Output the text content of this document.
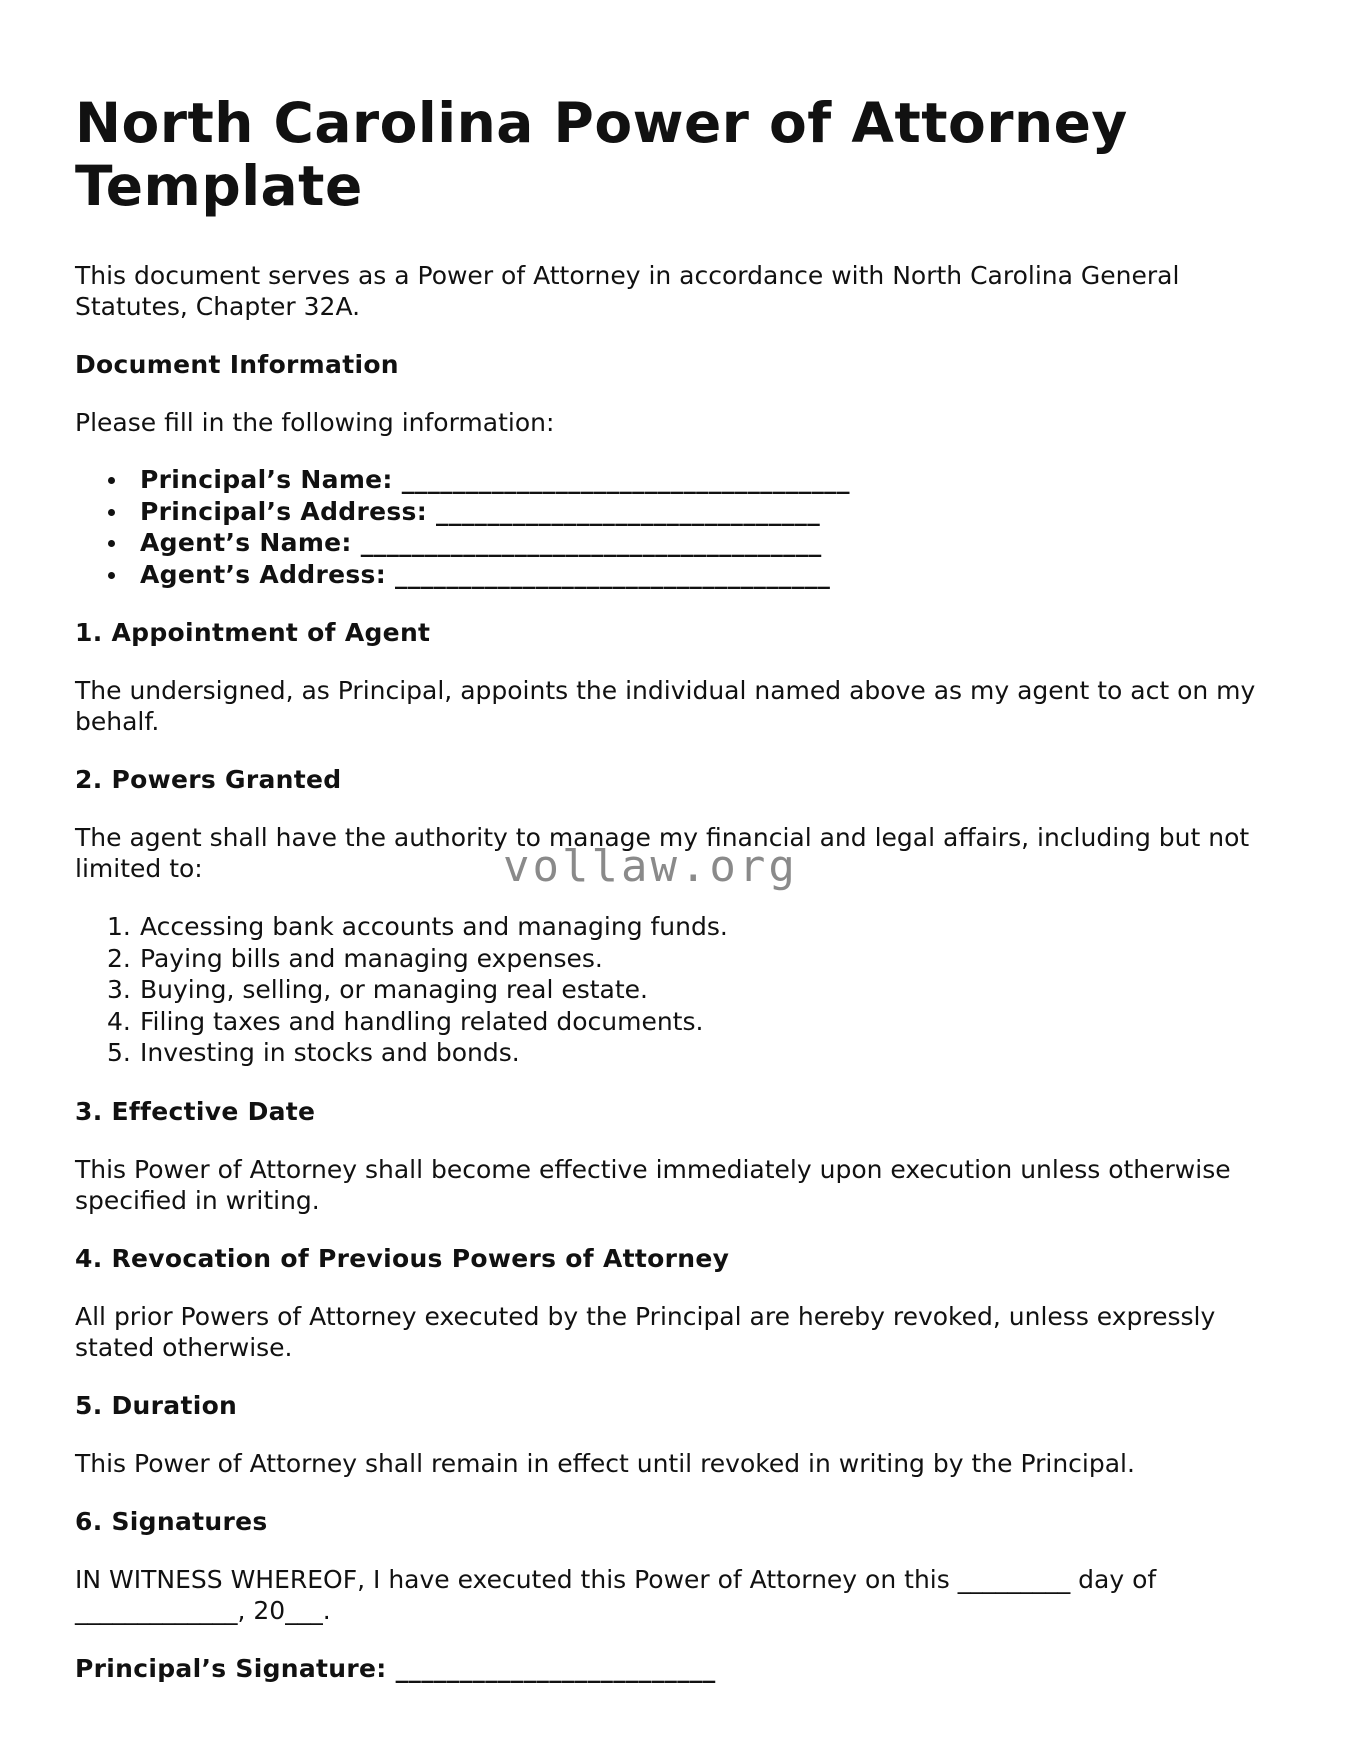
North Carolina Power of Attorney Template

This document serves as a Power of Attorney in accordance with North Carolina General Statutes, Chapter 32A.

Document Information

Please fill in the following information:

Principal’s Name: ___________________________________
Principal’s Address: ______________________________
Agent’s Name: ____________________________________
Agent’s Address: __________________________________
1. Appointment of Agent

The undersigned, as Principal, appoints the individual named above as my agent to act on my behalf.

2. Powers Granted

The agent shall have the authority to manage my financial and legal affairs, including but not limited to:

1. Accessing bank accounts and managing funds.
2. Paying bills and managing expenses.
3. Buying, selling, or managing real estate.
4. Filing taxes and handling related documents.
5. Investing in stocks and bonds.
3. Effective Date

This Power of Attorney shall become effective immediately upon execution unless otherwise specified in writing.

4. Revocation of Previous Powers of Attorney

All prior Powers of Attorney executed by the Principal are hereby revoked, unless expressly stated otherwise.

5. Duration

This Power of Attorney shall remain in effect until revoked in writing by the Principal.

6. Signatures

IN WITNESS WHEREOF, I have executed this Power of Attorney on this _________ day of _____________, 20___.

Principal’s Signature: _________________________
vollaw.org
